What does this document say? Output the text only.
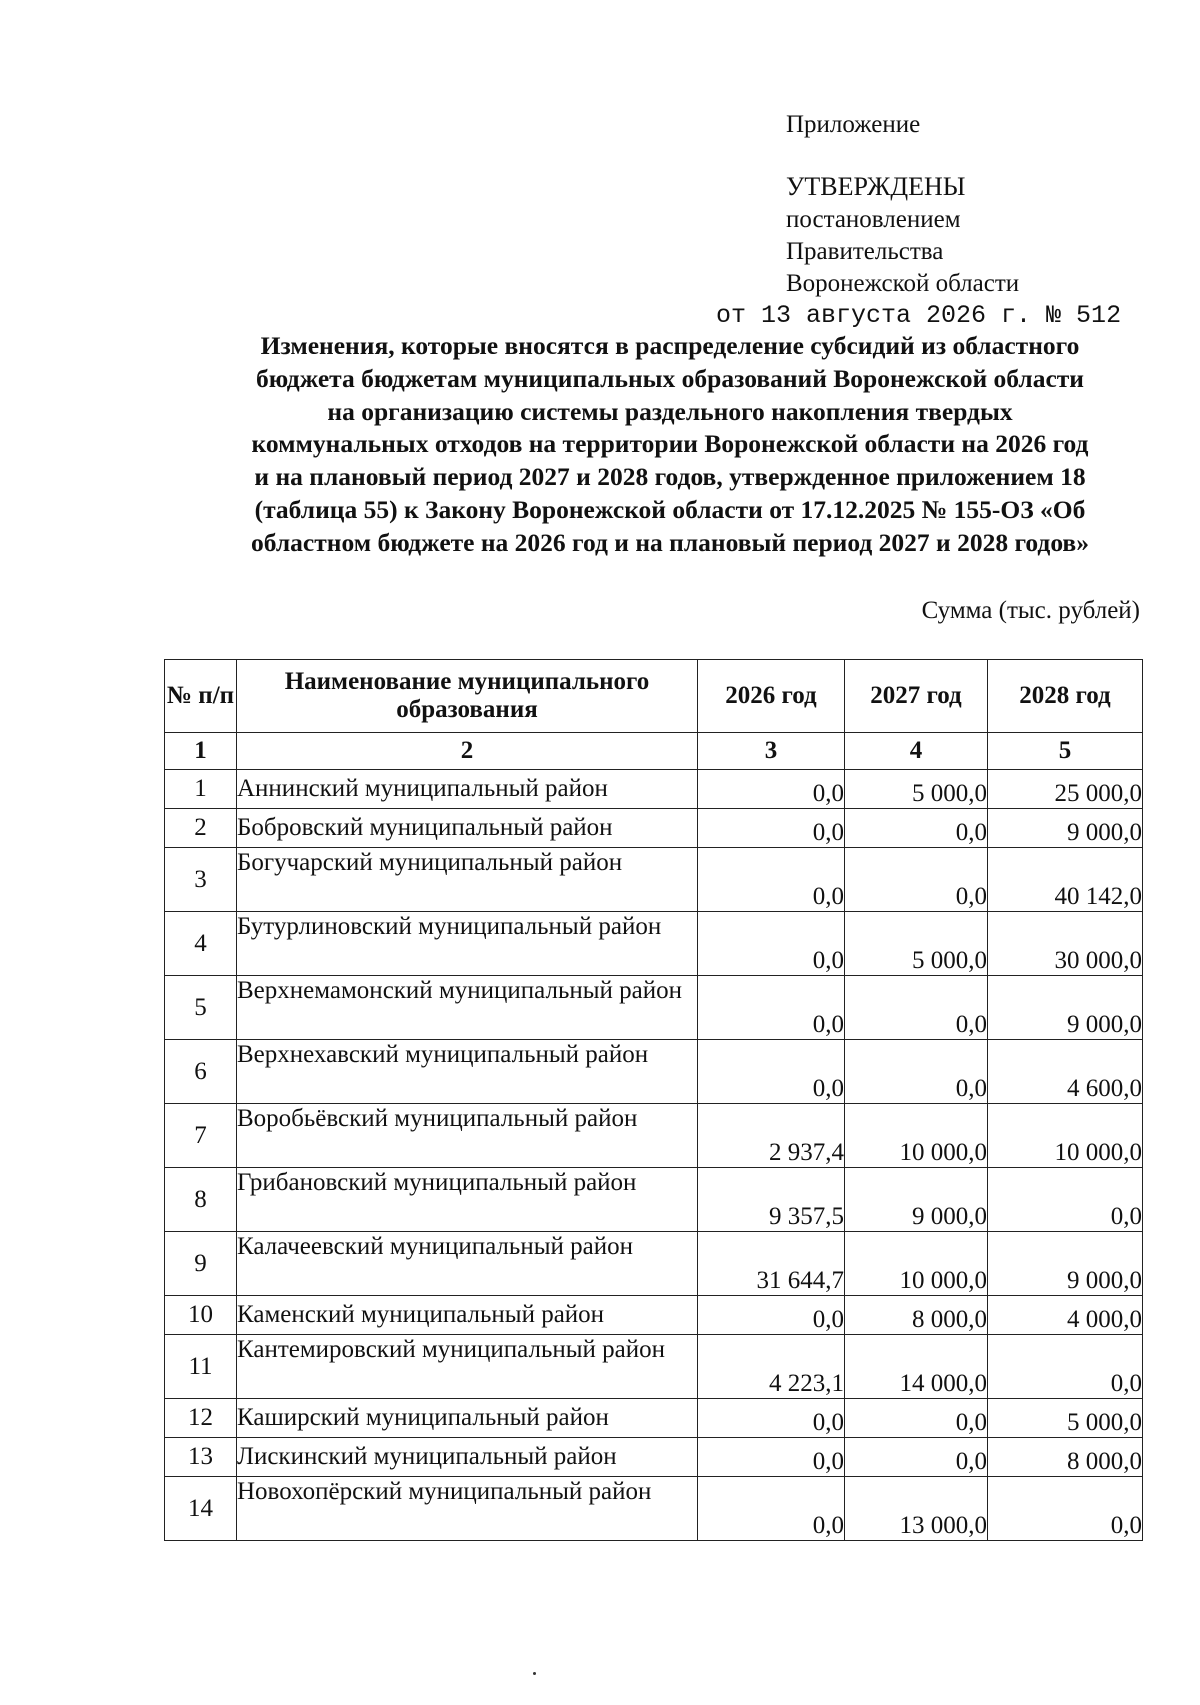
Приложение
УТВЕРЖДЕНЫ
постановлением
Правительства
Воронежской области
от 13 августа 2026 г. № 512
Изменения, которые вносятся в распределение субсидий из областного
бюджета бюджетам муниципальных образований Воронежской области
на организацию системы раздельного накопления твердых
коммунальных отходов на территории Воронежской области на 2026 год
и на плановый период 2027 и 2028 годов, утвержденное приложением 18
(таблица 55) к Закону Воронежской области от 17.12.2025 № 155-ОЗ «Об
областном бюджете на 2026 год и на плановый период 2027 и 2028 годов»
Сумма (тыс. рублей)
№ п/п	Наименование муниципального образования	2026 год	2027 год	2028 год
1	2	3	4	5
1	Аннинский муниципальный район	0,0	5 000,0	25 000,0
2	Бобровский муниципальный район	0,0	0,0	9 000,0
3	Богучарский муниципальный район	0,0	0,0	40 142,0
4	Бутурлиновский муниципальный район	0,0	5 000,0	30 000,0
5	Верхнемамонский муниципальный район	0,0	0,0	9 000,0
6	Верхнехавский муниципальный район	0,0	0,0	4 600,0
7	Воробьёвский муниципальный район	2 937,4	10 000,0	10 000,0
8	Грибановский муниципальный район	9 357,5	9 000,0	0,0
9	Калачеевский муниципальный район	31 644,7	10 000,0	9 000,0
10	Каменский муниципальный район	0,0	8 000,0	4 000,0
11	Кантемировский муниципальный район	4 223,1	14 000,0	0,0
12	Каширский муниципальный район	0,0	0,0	5 000,0
13	Лискинский муниципальный район	0,0	0,0	8 000,0
14	Новохопёрский муниципальный район	0,0	13 000,0	0,0
